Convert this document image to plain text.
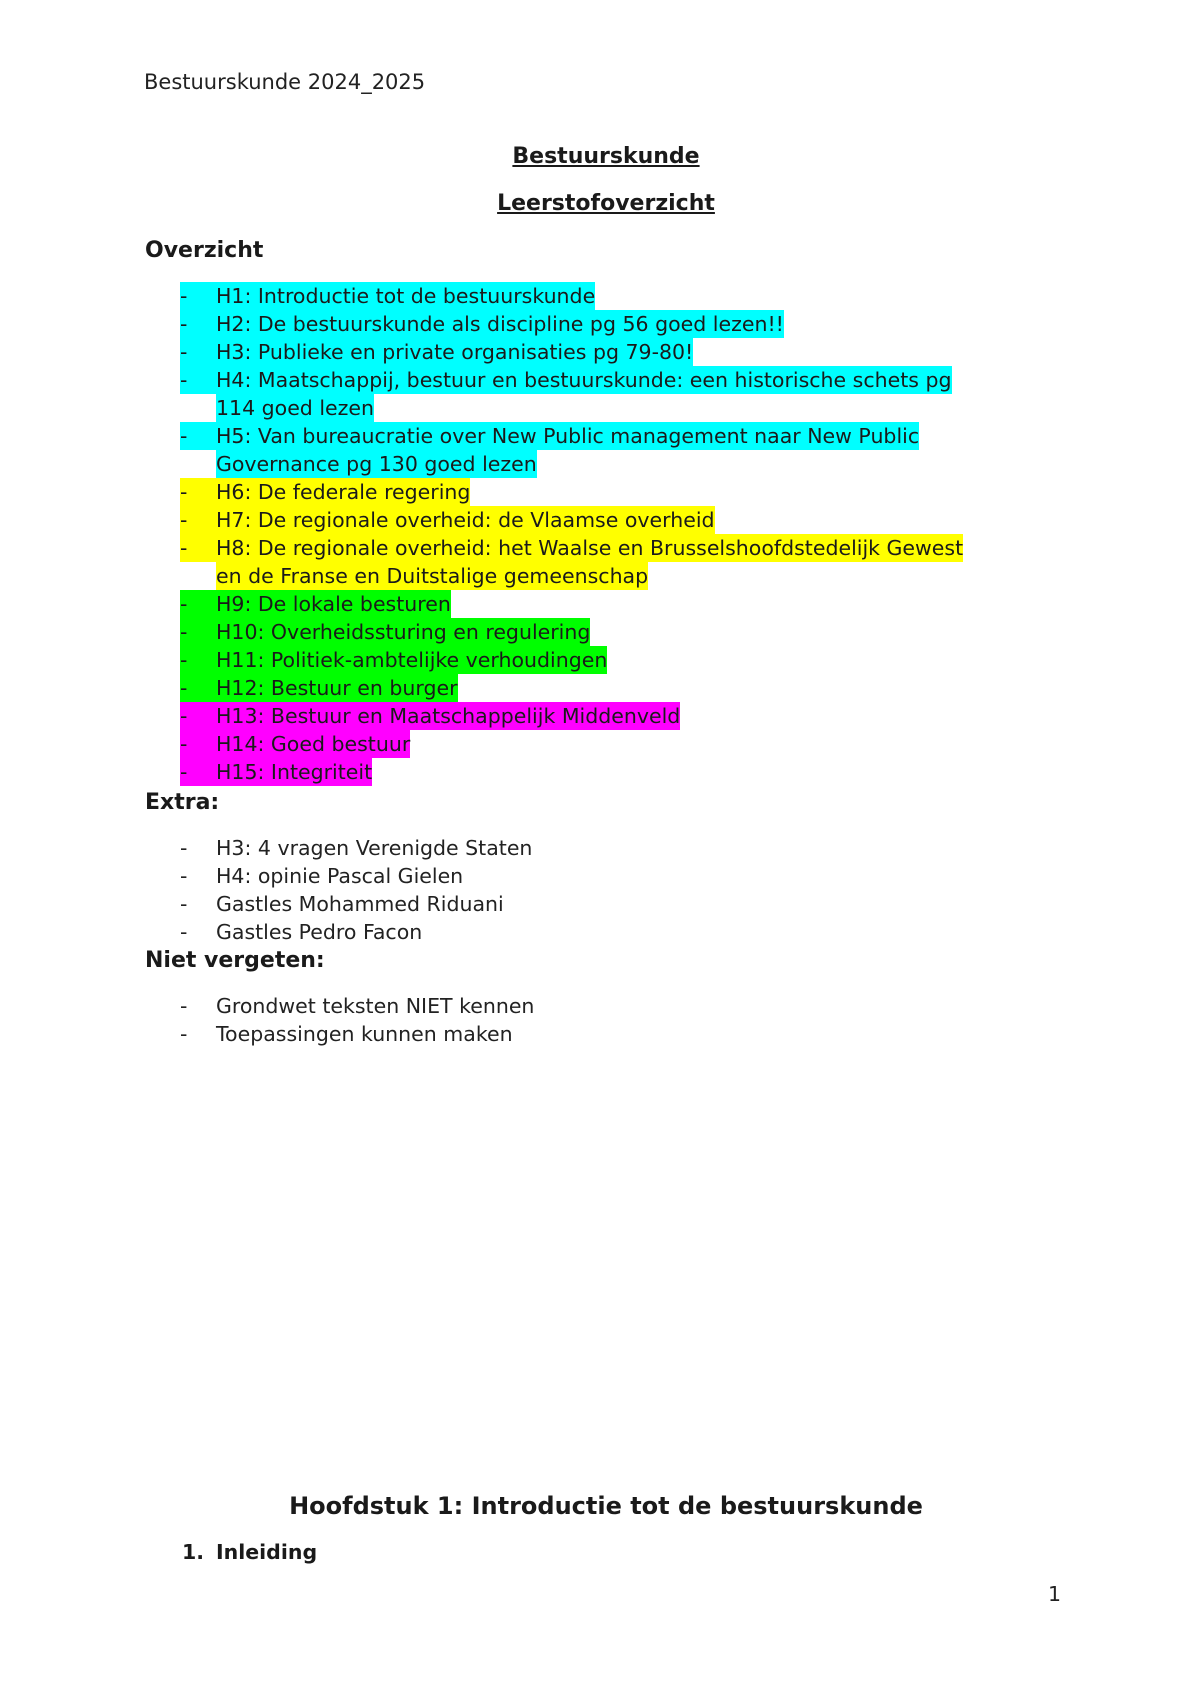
Bestuurskunde 2024_2025
Bestuurskunde
Leerstofoverzicht
Overzicht
- H1: Introductie tot de bestuurskunde
- H2: De bestuurskunde als discipline pg 56 goed lezen!!
- H3: Publieke en private organisaties pg 79-80!
- H4: Maatschappij, bestuur en bestuurskunde: een historische schets pg
114 goed lezen
- H5: Van bureaucratie over New Public management naar New Public
Governance pg 130 goed lezen
- H6: De federale regering
- H7: De regionale overheid: de Vlaamse overheid
- H8: De regionale overheid: het Waalse en Brusselshoofdstedelijk Gewest
en de Franse en Duitstalige gemeenschap
- H9: De lokale besturen
- H10: Overheidssturing en regulering
- H11: Politiek-ambtelijke verhoudingen
- H12: Bestuur en burger
- H13: Bestuur en Maatschappelijk Middenveld
- H14: Goed bestuur
- H15: Integriteit
Extra:
- H3: 4 vragen Verenigde Staten
- H4: opinie Pascal Gielen
- Gastles Mohammed Riduani
- Gastles Pedro Facon
Niet vergeten:
- Grondwet teksten NIET kennen
- Toepassingen kunnen maken
Hoofdstuk 1: Introductie tot de bestuurskunde
1. Inleiding
1
